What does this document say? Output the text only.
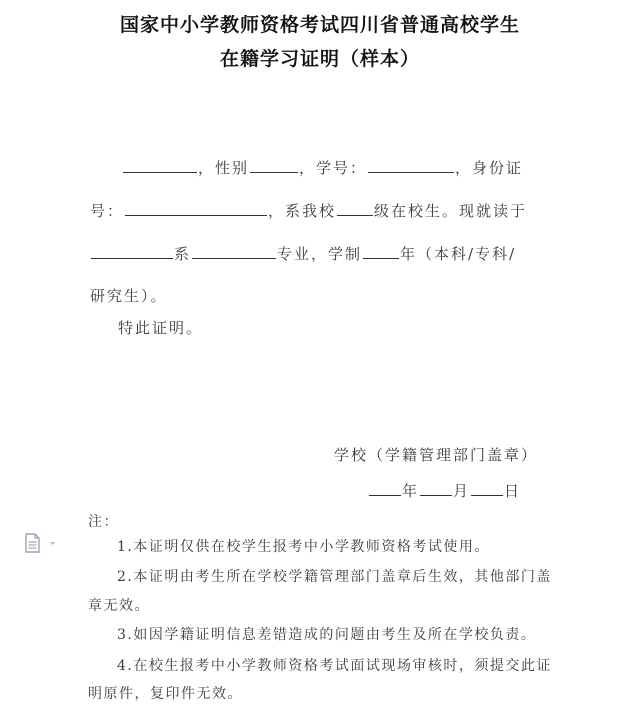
国家中小学教师资格考试四川省普通高校学生
在籍学习证明（样本）
，性别	，学号：	，身份证
号：	，系我校	级在校生。现就读于
系	专业，学制	年（本科/专科/
研究生）。
特此证明。
学校（学籍管理部门盖章）
年 月 日
注：
1.本证明仅供在校学生报考中小学教师资格考试使用。
2.本证明由考生所在学校学籍管理部门盖章后生效，其他部门盖
章无效。
3.如因学籍证明信息差错造成的问题由考生及所在学校负责。
4.在校生报考中小学教师资格考试面试现场审核时，须提交此证
明原件，复印件无效。
